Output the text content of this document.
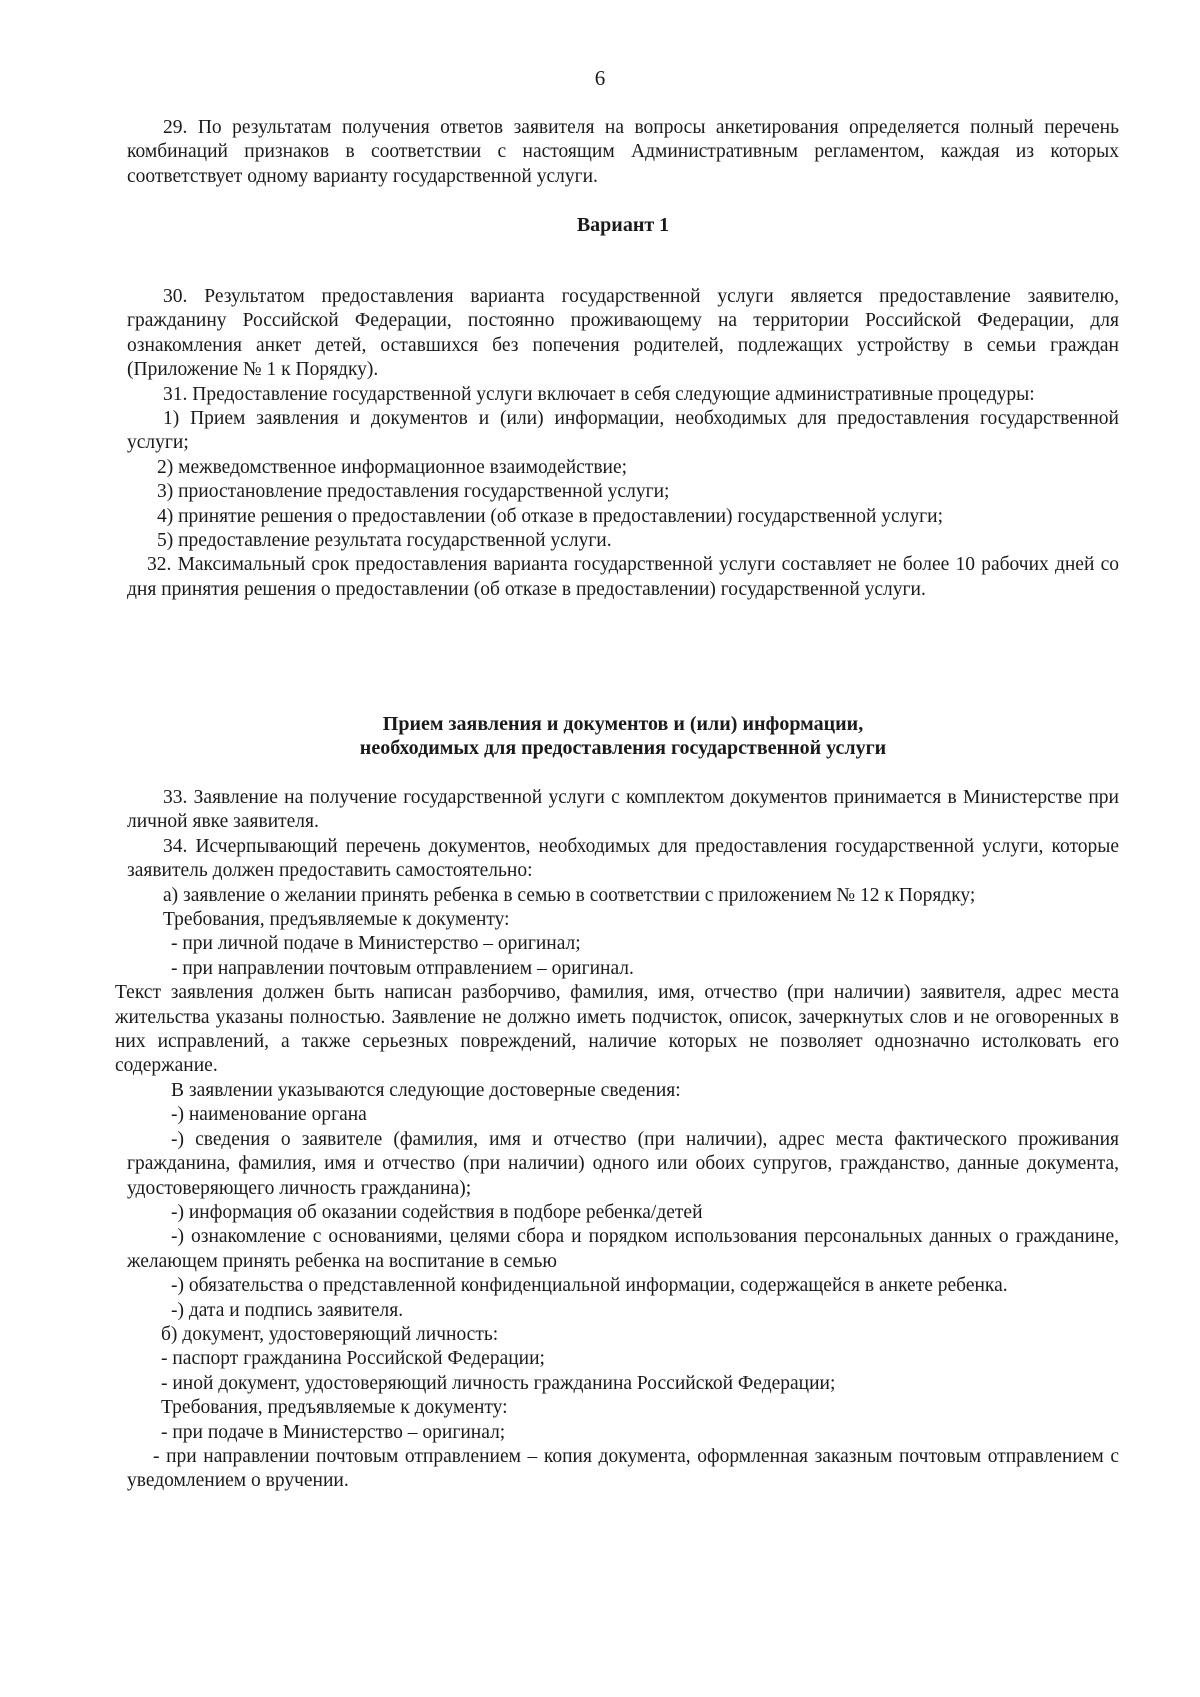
6

29. По результатам получения ответов заявителя на вопросы анкетирования определяется полный перечень комбинаций признаков в соответствии с настоящим Административным регламентом, каждая из которых соответствует одному варианту государственной услуги.

Вариант 1

30. Результатом предоставления варианта государственной услуги является предоставление заявителю, гражданину Российской Федерации, постоянно проживающему на территории Российской Федерации, для ознакомления анкет детей, оставшихся без попечения родителей, подлежащих устройству в семьи граждан (Приложение № 1 к Порядку).

31. Предоставление государственной услуги включает в себя следующие административные процедуры:

1) Прием заявления и документов и (или) информации, необходимых для предоставления государственной услуги;

2) межведомственное информационное взаимодействие;

3) приостановление предоставления государственной услуги;

4) принятие решения о предоставлении (об отказе в предоставлении) государственной услуги;

5) предоставление результата государственной услуги.

32. Максимальный срок предоставления варианта государственной услуги составляет не более 10 рабочих дней со дня принятия решения о предоставлении (об отказе в предоставлении) государственной услуги.

Прием заявления и документов и (или) информации,
необходимых для предоставления государственной услуги

33. Заявление на получение государственной услуги с комплектом документов принимается в Министерстве при личной явке заявителя.

34. Исчерпывающий перечень документов, необходимых для предоставления государственной услуги, которые заявитель должен предоставить самостоятельно:

а) заявление о желании принять ребенка в семью в соответствии с приложением № 12 к Порядку;

Требования, предъявляемые к документу:

- при личной подаче в Министерство – оригинал;

- при направлении почтовым отправлением – оригинал.

Текст заявления должен быть написан разборчиво, фамилия, имя, отчество (при наличии) заявителя, адрес места жительства указаны полностью. Заявление не должно иметь подчисток, описок, зачеркнутых слов и не оговоренных в них исправлений, а также серьезных повреждений, наличие которых не позволяет однозначно истолковать его содержание.

В заявлении указываются следующие достоверные сведения:

-) наименование органа

-) сведения о заявителе (фамилия, имя и отчество (при наличии), адрес места фактического проживания гражданина, фамилия, имя и отчество (при наличии) одного или обоих супругов, гражданство, данные документа, удостоверяющего личность гражданина);

-) информация об оказании содействия в подборе ребенка/детей

-) ознакомление с основаниями, целями сбора и порядком использования персональных данных о гражданине, желающем принять ребенка на воспитание в семью

-) обязательства о представленной конфиденциальной информации, содержащейся в анкете ребенка.

-) дата и подпись заявителя.

б) документ, удостоверяющий личность:

- паспорт гражданина Российской Федерации;

- иной документ, удостоверяющий личность гражданина Российской Федерации;

Требования, предъявляемые к документу:

- при подаче в Министерство – оригинал;

- при направлении почтовым отправлением – копия документа, оформленная заказным почтовым отправлением с уведомлением о вручении.
